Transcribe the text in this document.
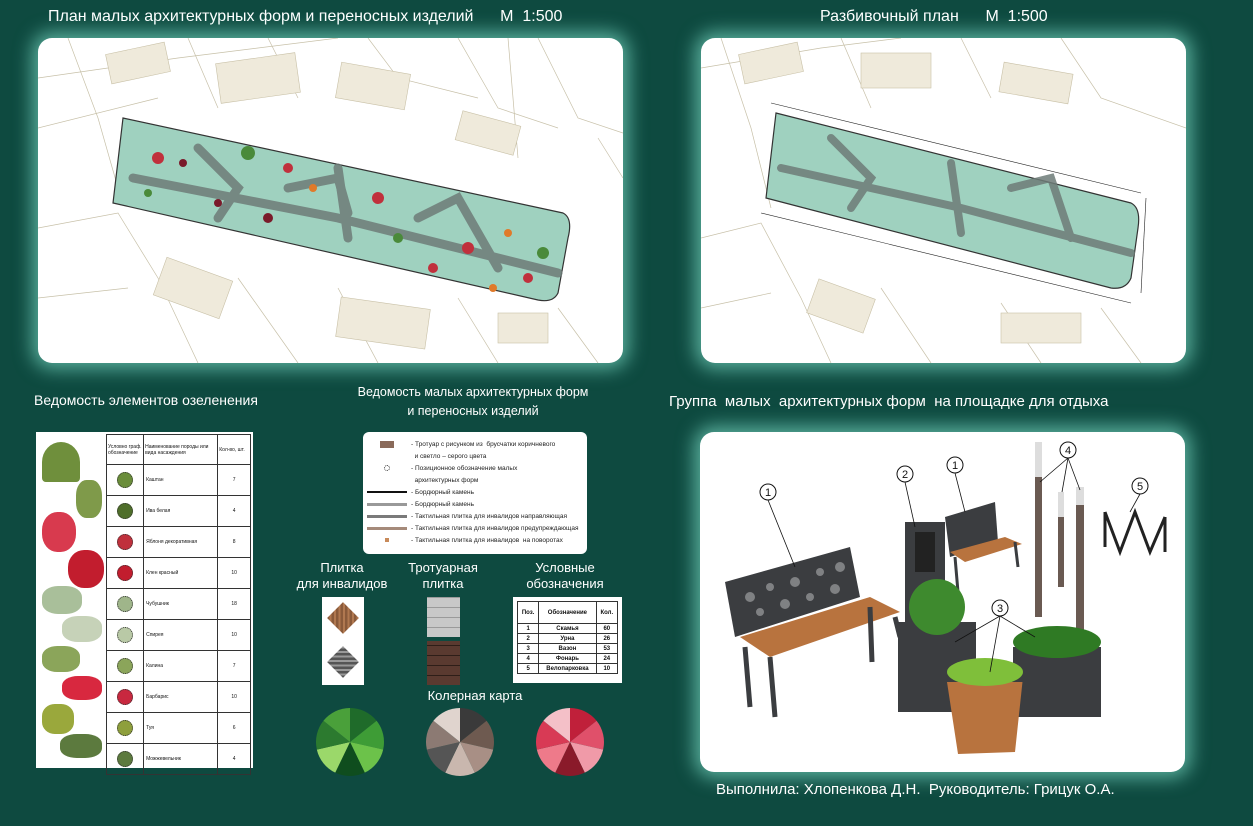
План малых архитектурных форм и переносных изделий      М  1:500	Разбивочный план      М  1:500
Ведомость элементов озеленения	Ведомость малых архитектурных форм
и переносных изделий
Группа  малых  архитектурных форм  на площадке для отдыха
Условно граф. обозначение	Наименование породы или вида насаждения	Кол-во, шт.

	Каштан	7

	Ива белая	4

	Яблоня декоративная	8

	Клен красный	10

	Чубушник	18

	Спирея	10

	Калина	7

	Барбарис	10

	Туя	6

	Можжевельник	4
- Тротуар с рисунком из  брусчатки коричневого
и светло – серого цвета
- Позиционное обозначение малых
архитектурных форм
- Бордюрный камень
- Бордюрный камень
- Тактильная плитка для инвалидов направляющая
- Тактильная плитка для инвалидов предупреждающая
- Тактильная плитка для инвалидов  на поворотах
Плитка
для инвалидов
Тротуарная
плитка
Условные
обозначения
Поз.	Обозначение	Кол.
1	Скамья	60
2	Урна	26
3	Вазон	53
4	Фонарь	24
5	Велопарковка	10
Колерная карта
1
2
1
4
5
3
Выполнила: Хлопенкова Д.Н.  Руководитель: Грицук О.А.
